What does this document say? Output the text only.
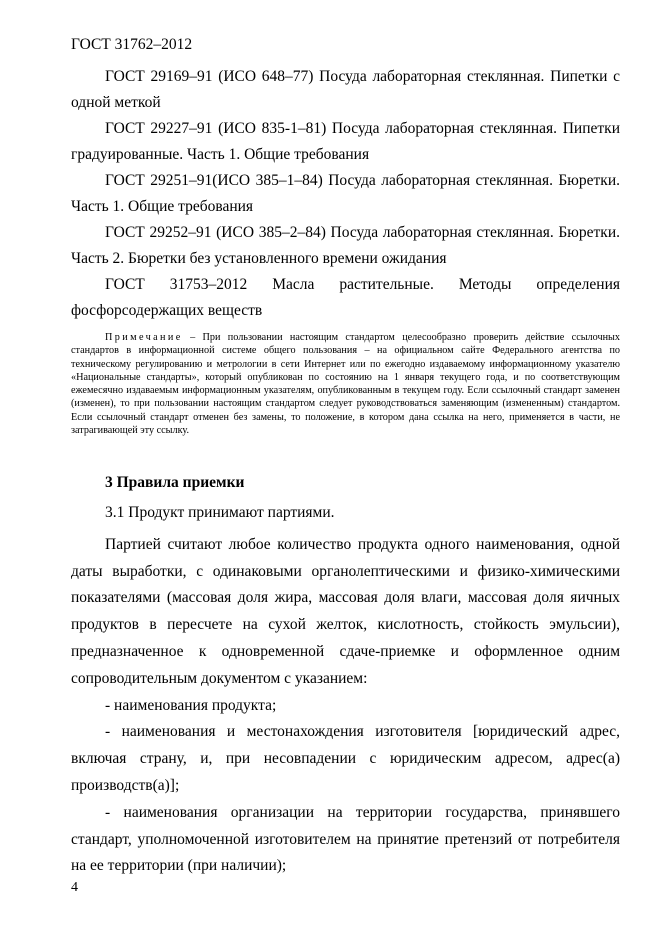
ГОСТ 31762–2012

ГОСТ 29169–91 (ИСО 648–77) Посуда лабораторная стеклянная. Пипетки с одной меткой

ГОСТ 29227–91 (ИСО 835-1–81) Посуда лабораторная стеклянная. Пипетки градуированные. Часть 1. Общие требования

ГОСТ 29251–91(ИСО 385–1–84) Посуда лабораторная стеклянная. Бюретки. Часть 1. Общие требования

ГОСТ 29252–91 (ИСО 385–2–84) Посуда лабораторная стеклянная. Бюретки. Часть 2. Бюретки без установленного времени ожидания

ГОСТ 31753–2012 Масла растительные. Методы определения фосфорсодержащих веществ

Примечание – При пользовании настоящим стандартом целесообразно проверить действие ссылочных стандартов в информационной системе общего пользования – на официальном сайте Федерального агентства по техническому регулированию и метрологии в сети Интернет или по ежегодно издаваемому информационному указателю «Национальные стандарты», который опубликован по состоянию на 1 января текущего года, и по соответствующим ежемесячно издаваемым информационным указателям, опубликованным в текущем году. Если ссылочный стандарт заменен (изменен), то при пользовании настоящим стандартом следует руководствоваться заменяющим (измененным) стандартом. Если ссылочный стандарт отменен без замены, то положение, в котором дана ссылка на него, применяется в части, не затрагивающей эту ссылку.

3 Правила приемки

3.1 Продукт принимают партиями.

Партией считают любое количество продукта одного наименования, одной даты выработки, с одинаковыми органолептическими и физико-химическими показателями (массовая доля жира, массовая доля влаги, массовая доля яичных продуктов в пересчете на сухой желток, кислотность, стойкость эмульсии), предназначенное к одновременной сдаче-приемке и оформленное одним сопроводительным документом с указанием:

- наименования продукта;

- наименования и местонахождения изготовителя [юридический адрес, включая страну, и, при несовпадении с юридическим адресом, адрес(а) производств(а)];

- наименования организации на территории государства, принявшего стандарт, уполномоченной изготовителем на принятие претензий от потребителя на ее территории (при наличии);

4
